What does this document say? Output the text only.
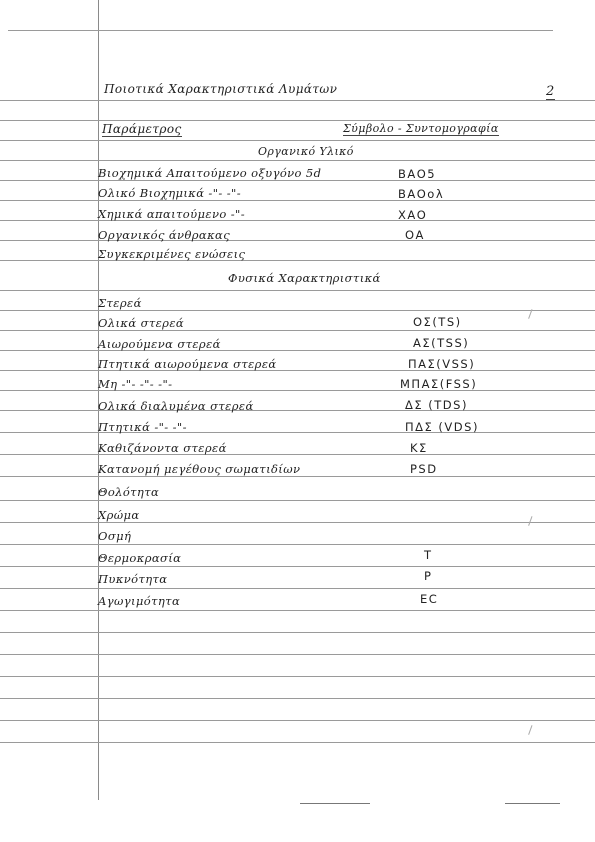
Ποιοτικά Χαρακτηριστικά Λυμάτων	2
Παράμετρος	Σύμβολο - Συντομογραφία
Οργανικό Υλικό
Βιοχημικά Απαιτούμενο οξυγόνο 5d	ΒΑΟ5
Ολικό Βιοχημικά -"- -"-	ΒΑΟολ
Χημικά απαιτούμενο -"-	ΧΑΟ
Οργανικός άνθρακας	ΟΑ
Συγκεκριμένες ενώσεις
Φυσικά Χαρακτηριστικά
Στερεά
Ολικά στερεά	ΟΣ(TS)
Αιωρούμενα στερεά	ΑΣ(TSS)
Πτητικά αιωρούμενα στερεά	ΠΑΣ(VSS)
Μη -"- -"- -"-	ΜΠΑΣ(FSS)
Ολικά διαλυμένα στερεά	ΔΣ (TDS)
Πτητικά -"- -"-	ΠΔΣ (VDS)
Καθιζάνοντα στερεά	ΚΣ
Κατανομή μεγέθους σωματιδίων	PSD
Θολότητα
Χρώμα
Οσμή
Θερμοκρασία	T
Πυκνότητα	P
Αγωγιμότητα	EC
